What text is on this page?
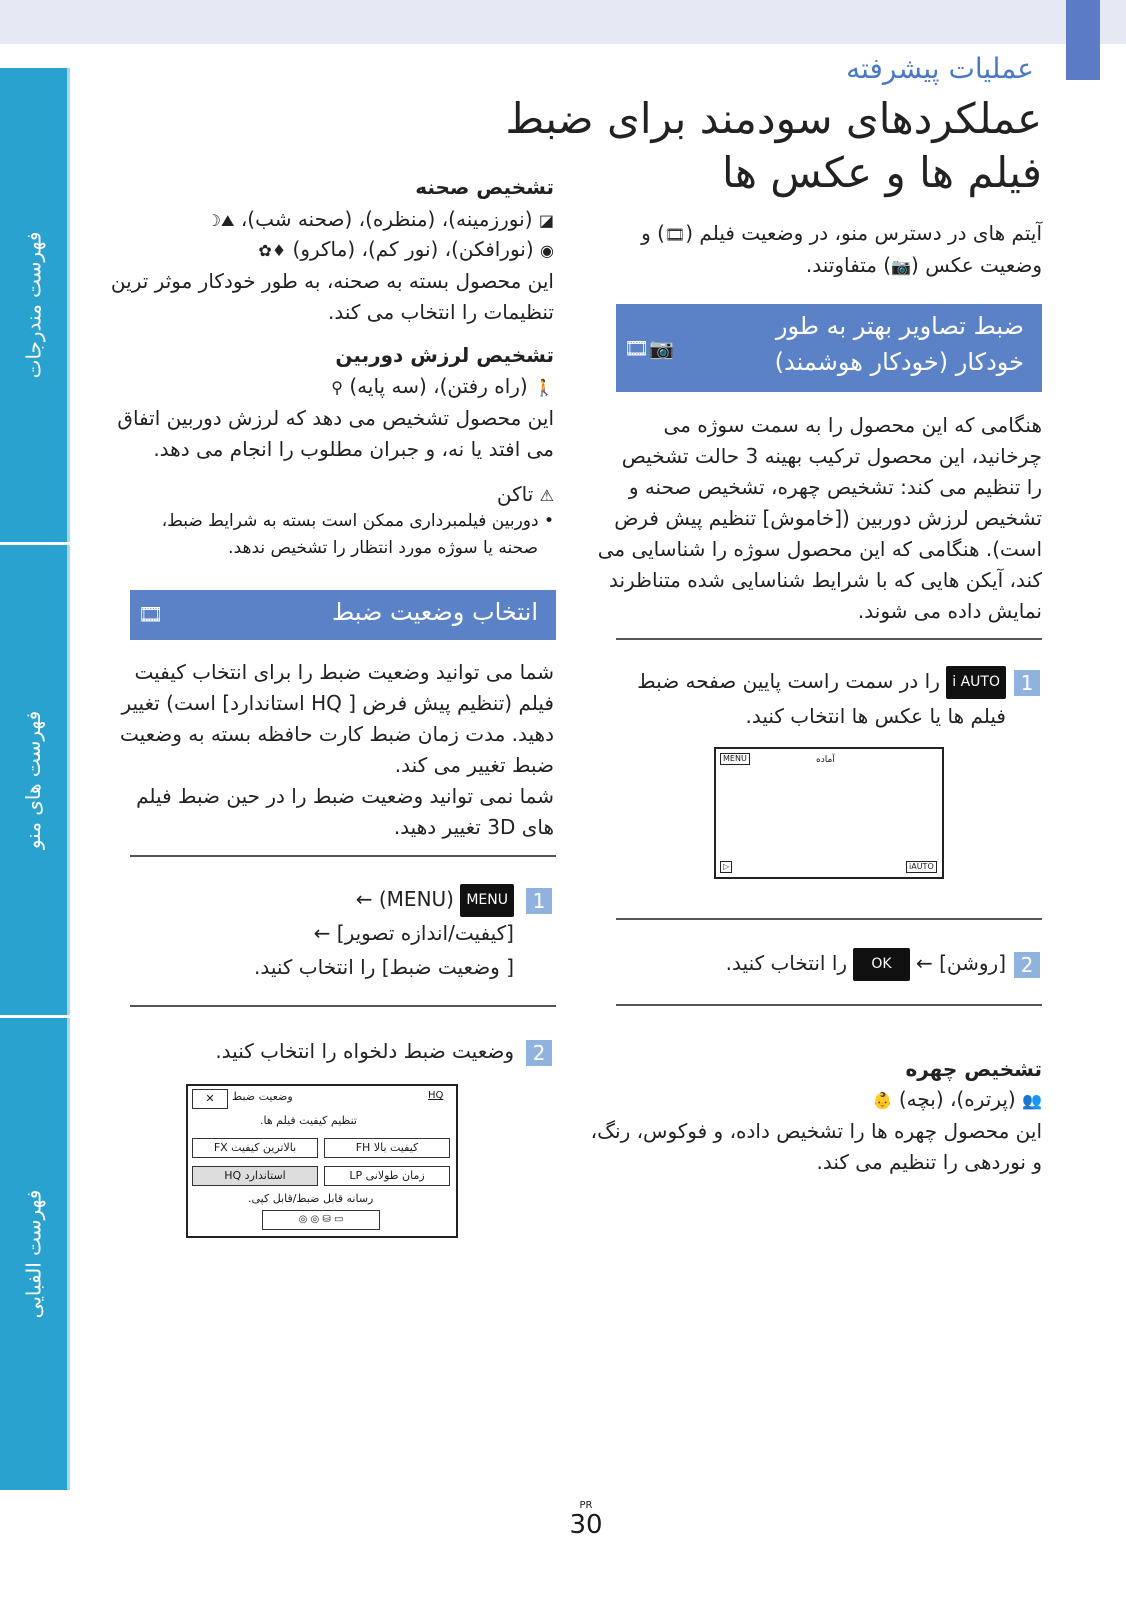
فهرست مندرجات
فهرست های منو
فهرست الفبایی
عملیات پیشرفته
عملکردهای سودمند برای ضبط
فیلم ها و عکس ها
آیتم های در دسترس منو، در وضعیت فیلم (🎞) و
وضعیت عکس (📷) متفاوتند.
ضبط تصاویر بهتر به طور
خودکار (خودکار هوشمند)
🎞📷
هنگامی که این محصول را به سمت سوژه می
چرخانید، این محصول ترکیب بهینه 3 حالت تشخیص
را تنظیم می کند: تشخیص چهره، تشخیص صحنه و
تشخیص لرزش دوربین ([خاموش] تنظیم پیش فرض
است). هنگامی که این محصول سوژه را شناسایی می
کند، آیکن هایی که با شرایط شناسایی شده متناظرند
نمایش داده می شوند.
1
i AUTO را در سمت راست پایین صفحه ضبط
فیلم ها یا عکس ها انتخاب کنید.
MENU	آماده
▷	iAUTO
2
[روشن] ← OK را انتخاب کنید.
تشخیص چهره
👥 (پرتره)، (بچه) 👶
این محصول چهره ها را تشخیص داده، و فوکوس، رنگ،
و نوردهی را تنظیم می کند.
تشخیص صحنه
◪ (نورزمینه)، (منظره)، (صحنه شب)، ⛰☽
◉ (نورافکن)، (نور کم)، (ماکرو) ♦✿
این محصول بسته به صحنه، به طور خودکار موثر ترین
تنظیمات را انتخاب می کند.
تشخیص لرزش دوربین
🚶 (راه رفتن)، (سه پایه) ⚲
این محصول تشخیص می دهد که لرزش دوربین اتفاق
می افتد یا نه، و جبران مطلوب را انجام می دهد.
⚠ تاکن
• دوربین فیلمبرداری ممکن است بسته به شرایط ضبط،
صحنه یا سوژه مورد انتظار را تشخیص ندهد.
انتخاب وضعیت ضبط
🎞
شما می توانید وضعیت ضبط را برای انتخاب کیفیت
فیلم (تنظیم پیش فرض [ HQ استاندارد] است) تغییر
دهید. مدت زمان ضبط کارت حافظه بسته به وضعیت
ضبط تغییر می کند.
شما نمی توانید وضعیت ضبط را در حین ضبط فیلم
های 3D تغییر دهید.
1
MENU (MENU) ←
[کیفیت/اندازه تصویر] ←
[ وضعیت ضبط] را انتخاب کنید.
2
وضعیت ضبط دلخواه را انتخاب کنید.
✕	وضعیت ضبط	HQ
تنظیم کیفیت فیلم ها.
بالاترین کیفیت FX	کیفیت بالا FH
استاندارد HQ	زمان طولانی LP
رسانه قابل ضبط/قابل کپی.
▭ ⛁ ◎ ◎
PR
30
